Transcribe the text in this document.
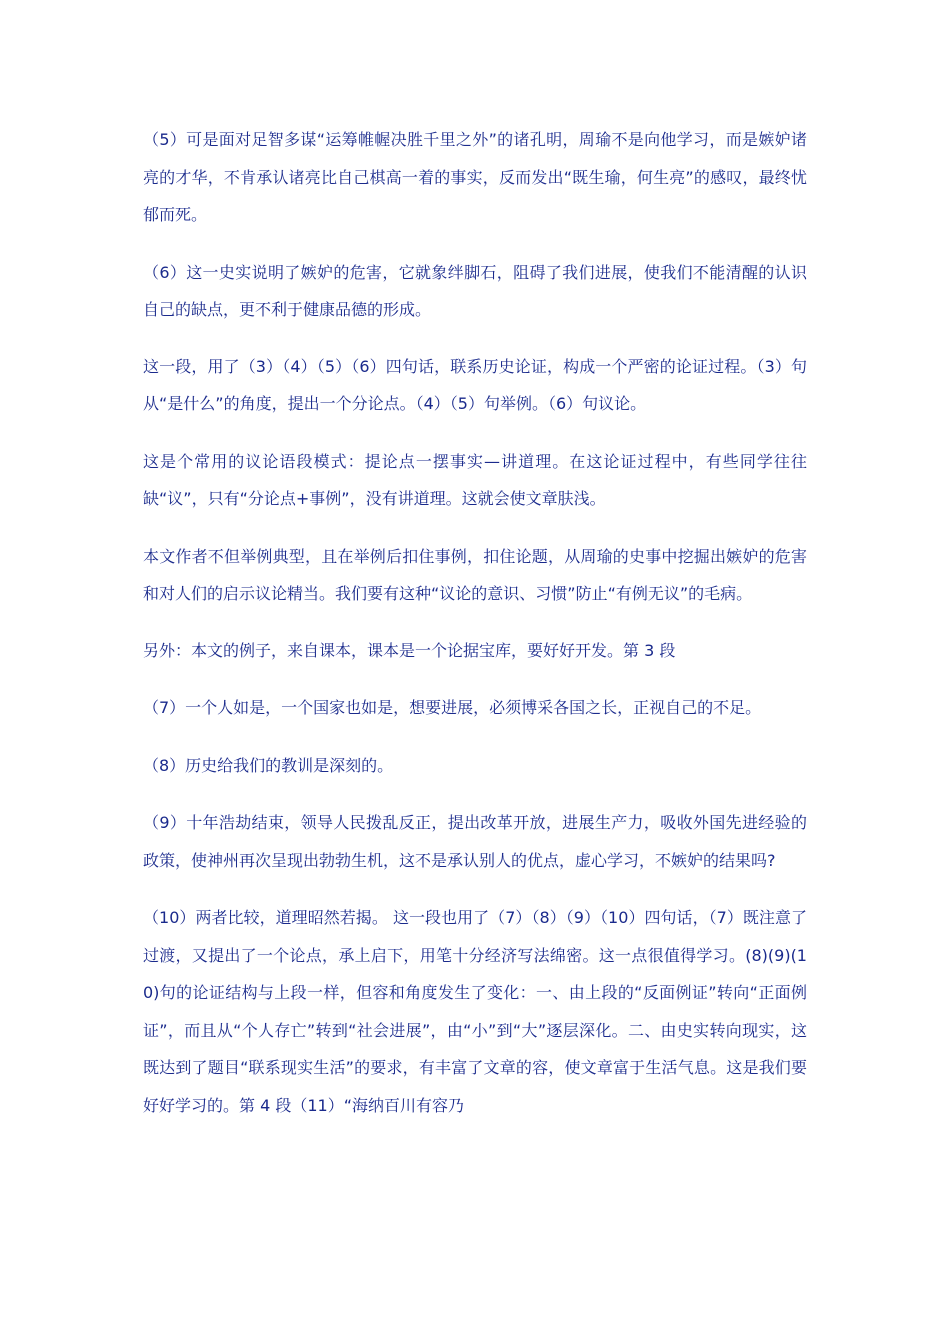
（5）可是面对足智多谋“运筹帷幄决胜千里之外”的诸孔明，周瑜不是向他学习，而是嫉妒诸亮的才华，不肯承认诸亮比自己棋高一着的事实，反而发出“既生瑜，何生亮”的感叹，最终忧郁而死。

（6）这一史实说明了嫉妒的危害，它就象绊脚石，阻碍了我们进展，使我们不能清醒的认识自己的缺点，更不利于健康品德的形成。

这一段，用了（3）（4）（5）（6）四句话，联系历史论证，构成一个严密的论证过程。（3）句从“是什么”的角度，提出一个分论点。（4）（5）句举例。（6）句议论。

这是个常用的议论语段模式：提论点一摆事实—讲道理。在这论证过程中，有些同学往往缺“议”，只有“分论点+事例”，没有讲道理。这就会使文章肤浅。

本文作者不但举例典型，且在举例后扣住事例，扣住论题，从周瑜的史事中挖掘出嫉妒的危害和对人们的启示议论精当。我们要有这种“议论的意识、习惯”防止“有例无议”的毛病。

另外：本文的例子，来自课本，课本是一个论据宝库，要好好开发。第 3 段

（7）一个人如是，一个国家也如是，想要进展，必须博采各国之长，正视自己的不足。

（8）历史给我们的教训是深刻的。

（9）十年浩劫结束，领导人民拨乱反正，提出改革开放，进展生产力，吸收外国先进经验的政策，使神州再次呈现出勃勃生机，这不是承认别人的优点，虚心学习，不嫉妒的结果吗?

（10）两者比较，道理昭然若揭。 这一段也用了（7）（8）（9）（10）四句话，（7）既注意了过渡，又提出了一个论点，承上启下，用笔十分经济写法绵密。这一点很值得学习。(8)(9)(10)句的论证结构与上段一样，但容和角度发生了变化：一、由上段的“反面例证”转向“正面例证”，而且从“个人存亡”转到“社会进展”，由“小”到“大”逐层深化。二、由史实转向现实，这既达到了题目“联系现实生活”的要求，有丰富了文章的容，使文章富于生活气息。这是我们要好好学习的。第 4 段（11）“海纳百川有容乃
